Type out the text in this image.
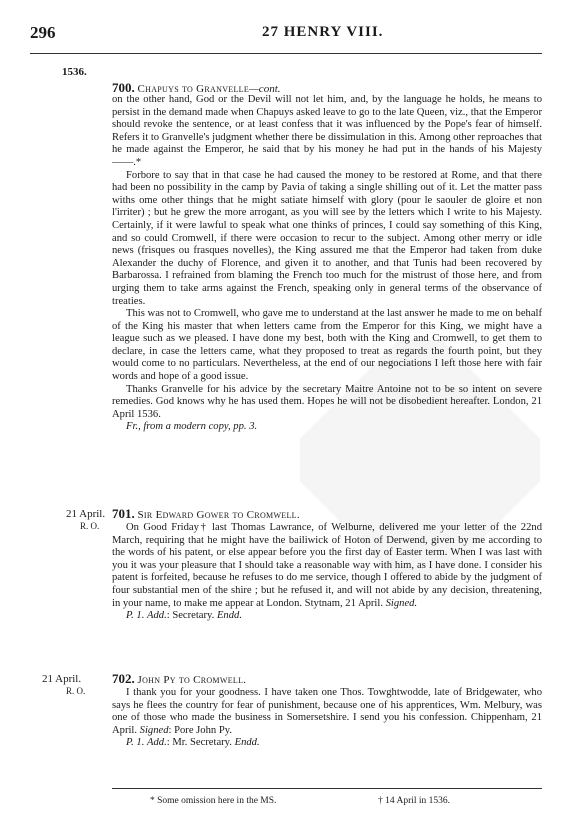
296	27 HENRY VIII.
1536.
700. Chapuys to Granvelle—cont.

on the other hand, God or the Devil will not let him, and, by the language he holds, he means to persist in the demand made when Chapuys asked leave to go to the late Queen, viz., that the Emperor should revoke the sentence, or at least confess that it was influenced by the Pope's fear of himself. Refers it to Granvelle's judgment whether there be dissimulation in this. Among other reproaches that he made against the Emperor, he said that by his money he had put in the hands of his Majesty ——.*

Forbore to say that in that case he had caused the money to be restored at Rome, and that there had been no possibility in the camp by Pavia of taking a single shilling out of it. Let the matter pass withs ome other things that he might satiate himself with glory (pour le saouler de gloire et non l'irriter) ; but he grew the more arrogant, as you will see by the letters which I write to his Majesty. Certainly, if it were lawful to speak what one thinks of princes, I could say something of this King, and so could Cromwell, if there were occasion to recur to the subject. Among other merry or idle news (frisques ou frasques novelles), the King assured me that the Emperor had taken from duke Alexander the duchy of Florence, and given it to another, and that Tunis had been recovered by Barbarossa. I refrained from blaming the French too much for the mistrust of those here, and from urging them to take arms against the French, speaking only in general terms of the observance of treaties.

This was not to Cromwell, who gave me to understand at the last answer he made to me on behalf of the King his master that when letters came from the Emperor for this King, we might have a league such as we pleased. I have done my best, both with the King and Cromwell, to get them to declare, in case the letters came, what they proposed to treat as regards the fourth point, but they would come to no particulars. Nevertheless, at the end of our negociations I left those here with fair words and hope of a good issue.

Thanks Granvelle for his advice by the secretary Maitre Antoine not to be so intent on severe remedies. God knows why he has used them. Hopes he will not be disobedient hereafter. London, 21 April 1536.

Fr., from a modern copy, pp. 3.

21 April.
R. O.
701. Sir Edward Gower to Cromwell.

On Good Friday† last Thomas Lawrance, of Welburne, delivered me your letter of the 22nd March, requiring that he might have the bailiwick of Hoton of Derwend, given by me according to the words of his patent, or else appear before you the first day of Easter term. When I was last with you it was your pleasure that I should take a reasonable way with him, as I have done. I consider his patent is forfeited, because he refuses to do me service, though I offered to abide by the judgment of four substantial men of the shire ; but he refused it, and will not abide by any decision, threatening, in your name, to make me appear at London. Stytnam, 21 April. Signed.

P. 1. Add.: Secretary. Endd.

21 April.
R. O.
702. John Py to Cromwell.

I thank you for your goodness. I have taken one Thos. Towghtwodde, late of Bridgewater, who says he flees the country for fear of punishment, because one of his apprentices, Wm. Melbury, was one of those who made the business in Somersetshire. I send you his confession. Chippenham, 21 April. Signed: Pore John Py.

P. 1. Add.: Mr. Secretary. Endd.

* Some omission here in the MS.	† 14 April in 1536.
